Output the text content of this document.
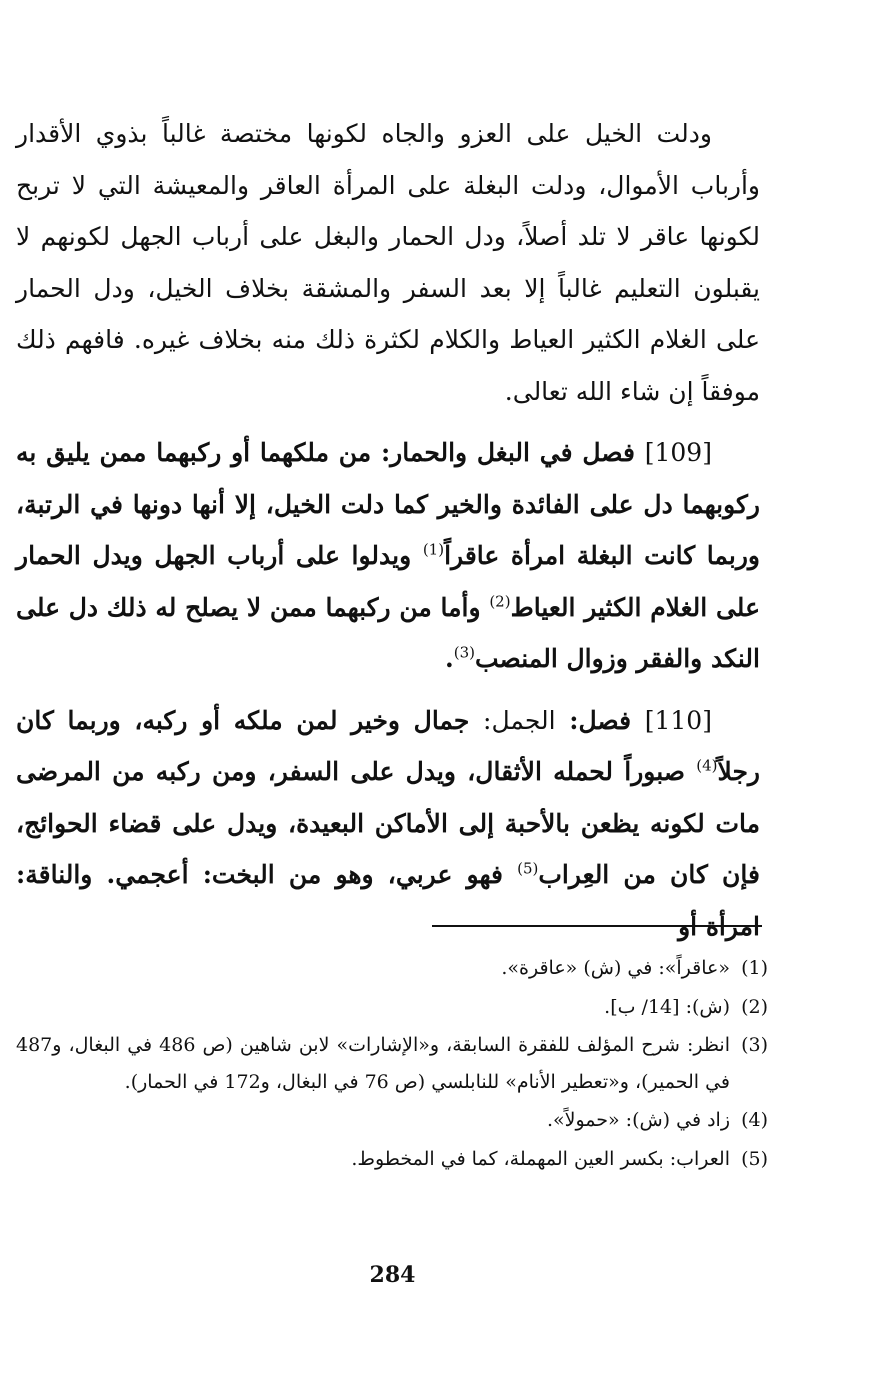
ودلت الخيل على العزو والجاه لكونها مختصة غالباً بذوي الأقدار وأرباب الأموال، ودلت البغلة على المرأة العاقر والمعيشة التي لا تربح لكونها عاقر لا تلد أصلاً، ودل الحمار والبغل على أرباب الجهل لكونهم لا يقبلون التعليم غالباً إلا بعد السفر والمشقة بخلاف الخيل، ودل الحمار على الغلام الكثير العياط والكلام لكثرة ذلك منه بخلاف غيره. فافهم ذلك موفقاً إن شاء الله تعالى.

[109] فصل في البغل والحمار: من ملكهما أو ركبهما ممن يليق به ركوبهما دل على الفائدة والخير كما دلت الخيل، إلا أنها دونها في الرتبة، وربما كانت البغلة امرأة عاقراً$^{(1)}$ ويدلوا على أرباب الجهل ويدل الحمار على الغلام الكثير العياط$^{(2)}$ وأما من ركبهما ممن لا يصلح له ذلك دل على النكد والفقر وزوال المنصب$^{(3)}$.

[110] فصل: الجمل: جمال وخير لمن ملكه أو ركبه، وربما كان رجلاً$^{(4)}$ صبوراً لحمله الأثقال، ويدل على السفر، ومن ركبه من المرضى مات لكونه يظعن بالأحبة إلى الأماكن البعيدة، ويدل على قضاء الحوائج، فإن كان من العِراب$^{(5)}$ فهو عربي، وهو من البخت: أعجمي. والناقة: امرأة أو

(1)
«عاقراً»: في (ش) «عاقرة».
(2)
(ش): [14/ ب].
(3)
انظر: شرح المؤلف للفقرة السابقة، و«الإشارات» لابن شاهين (ص 486 في البغال، و487 في الحمير)، و«تعطير الأنام» للنابلسي (ص 76 في البغال، و172 في الحمار).
(4)
زاد في (ش): «حمولاً».
(5)
العراب: بكسر العين المهملة، كما في المخطوط.
284
